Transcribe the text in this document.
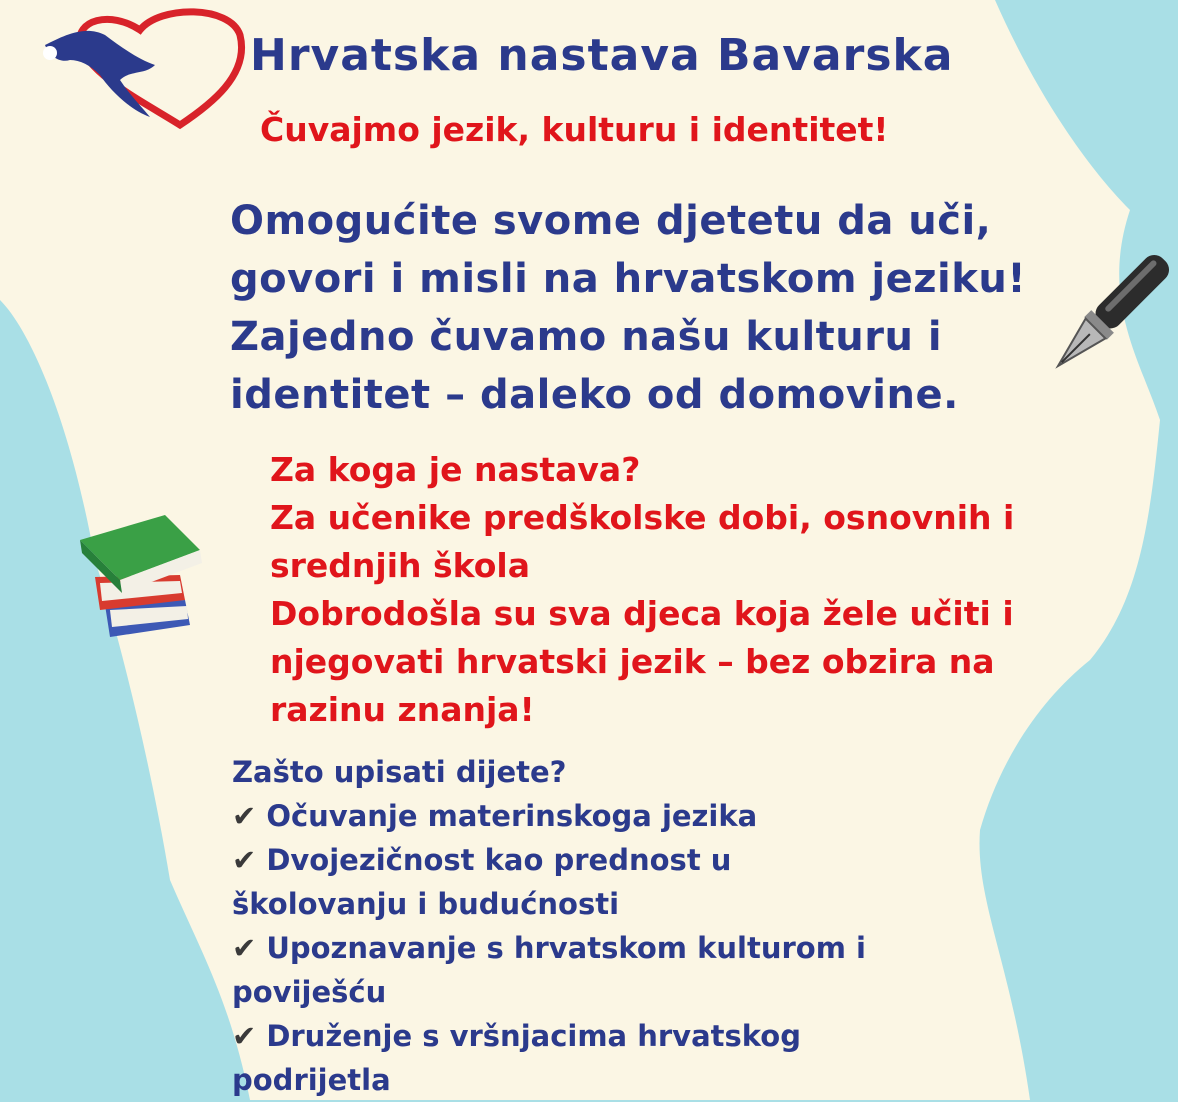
Hrvatska nastava Bavarska

Čuvajmo jezik, kulturu i identitet!

Omogućite svome djetetu da uči,
govori i misli na hrvatskom jeziku!
Zajedno čuvamo našu kulturu i
identitet – daleko od domovine.
Za koga je nastava?
Za učenike predškolske dobi, osnovnih i
srednjih škola
Dobrodošla su sva djeca koja žele učiti i
njegovati hrvatski jezik – bez obzira na
razinu znanja!
Zašto upisati dijete?
✔ Očuvanje materinskoga jezika
✔ Dvojezičnost kao prednost u
školovanju i budućnosti
✔ Upoznavanje s hrvatskom kulturom i
poviješću
✔ Druženje s vršnjacima hrvatskog
podrijetla
